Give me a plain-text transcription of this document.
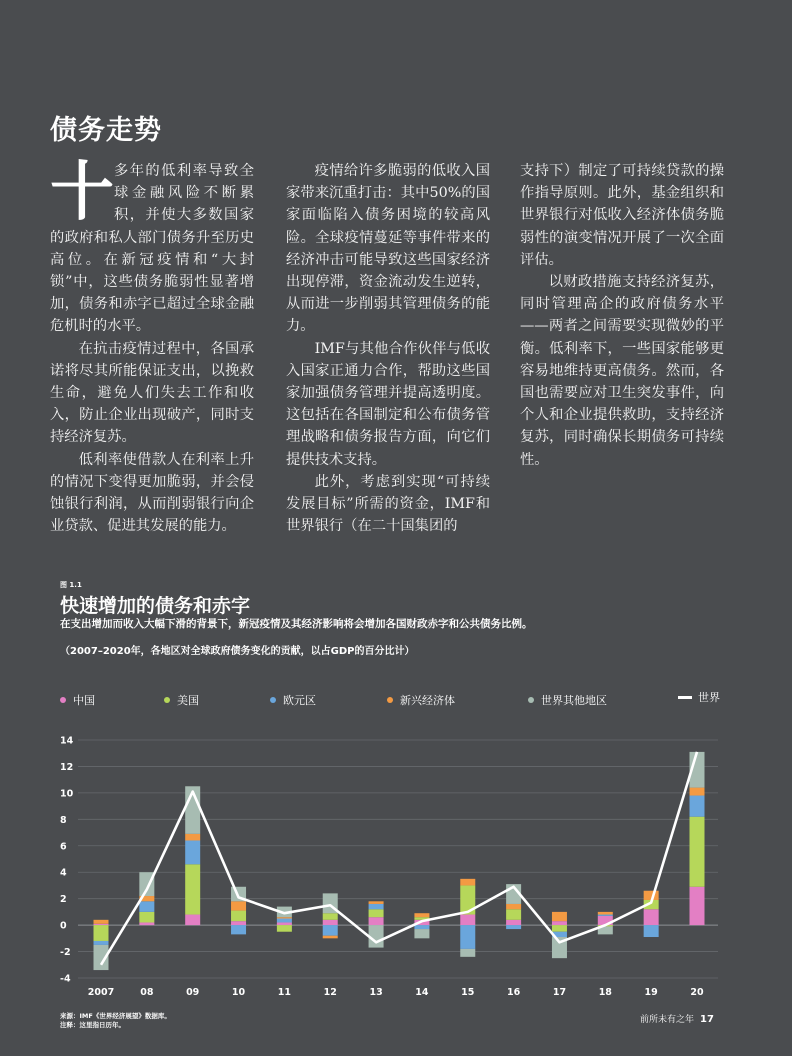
债务走势

十多年的低利率导致全球金融风险不断累积，并使大多数国家的政府和私人部门债务升至历史高位。在新冠疫情和“大封锁”中，这些债务脆弱性显著增加，债务和赤字已超过全球金融危机时的水平。

在抗击疫情过程中，各国承诺将尽其所能保证支出，以挽救生命，避免人们失去工作和收入，防止企业出现破产，同时支持经济复苏。

低利率使借款人在利率上升的情况下变得更加脆弱，并会侵蚀银行利润，从而削弱银行向企业贷款、促进其发展的能力。

疫情给许多脆弱的低收入国家带来沉重打击：其中50%的国家面临陷入债务困境的较高风险。全球疫情蔓延等事件带来的经济冲击可能导致这些国家经济出现停滞，资金流动发生逆转，从而进一步削弱其管理债务的能力。

IMF与其他合作伙伴与低收入国家正通力合作，帮助这些国家加强债务管理并提高透明度。这包括在各国制定和公布债务管理战略和债务报告方面，向它们提供技术支持。

此外，考虑到实现“可持续发展目标”所需的资金，IMF和世界银行（在二十国集团的

支持下）制定了可持续贷款的操作指导原则。此外，基金组织和世界银行对低收入经济体债务脆弱性的演变情况开展了一次全面评估。

以财政措施支持经济复苏，同时管理高企的政府债务水平——两者之间需要实现微妙的平衡。低利率下，一些国家能够更容易地维持更高债务。然而，各国也需要应对卫生突发事件，向个人和企业提供救助，支持经济复苏，同时确保长期债务可持续性。

图 1.1
快速增加的债务和赤字
在支出增加而收入大幅下滑的背景下，新冠疫情及其经济影响将会增加各国财政赤字和公共债务比例。
（2007–2020年，各地区对全球政府债务变化的贡献，以占GDP的百分比计）
中国	美国	欧元区	新兴经济体	世界其他地区	世界
-4
-2
0
2
4
6
8
10
12
14
2007	08	09	10	11	12	13	14	15	16	17	18	19	20
来源：IMF《世界经济展望》数据库。
注释：这里指日历年。	前所未有之年 17
